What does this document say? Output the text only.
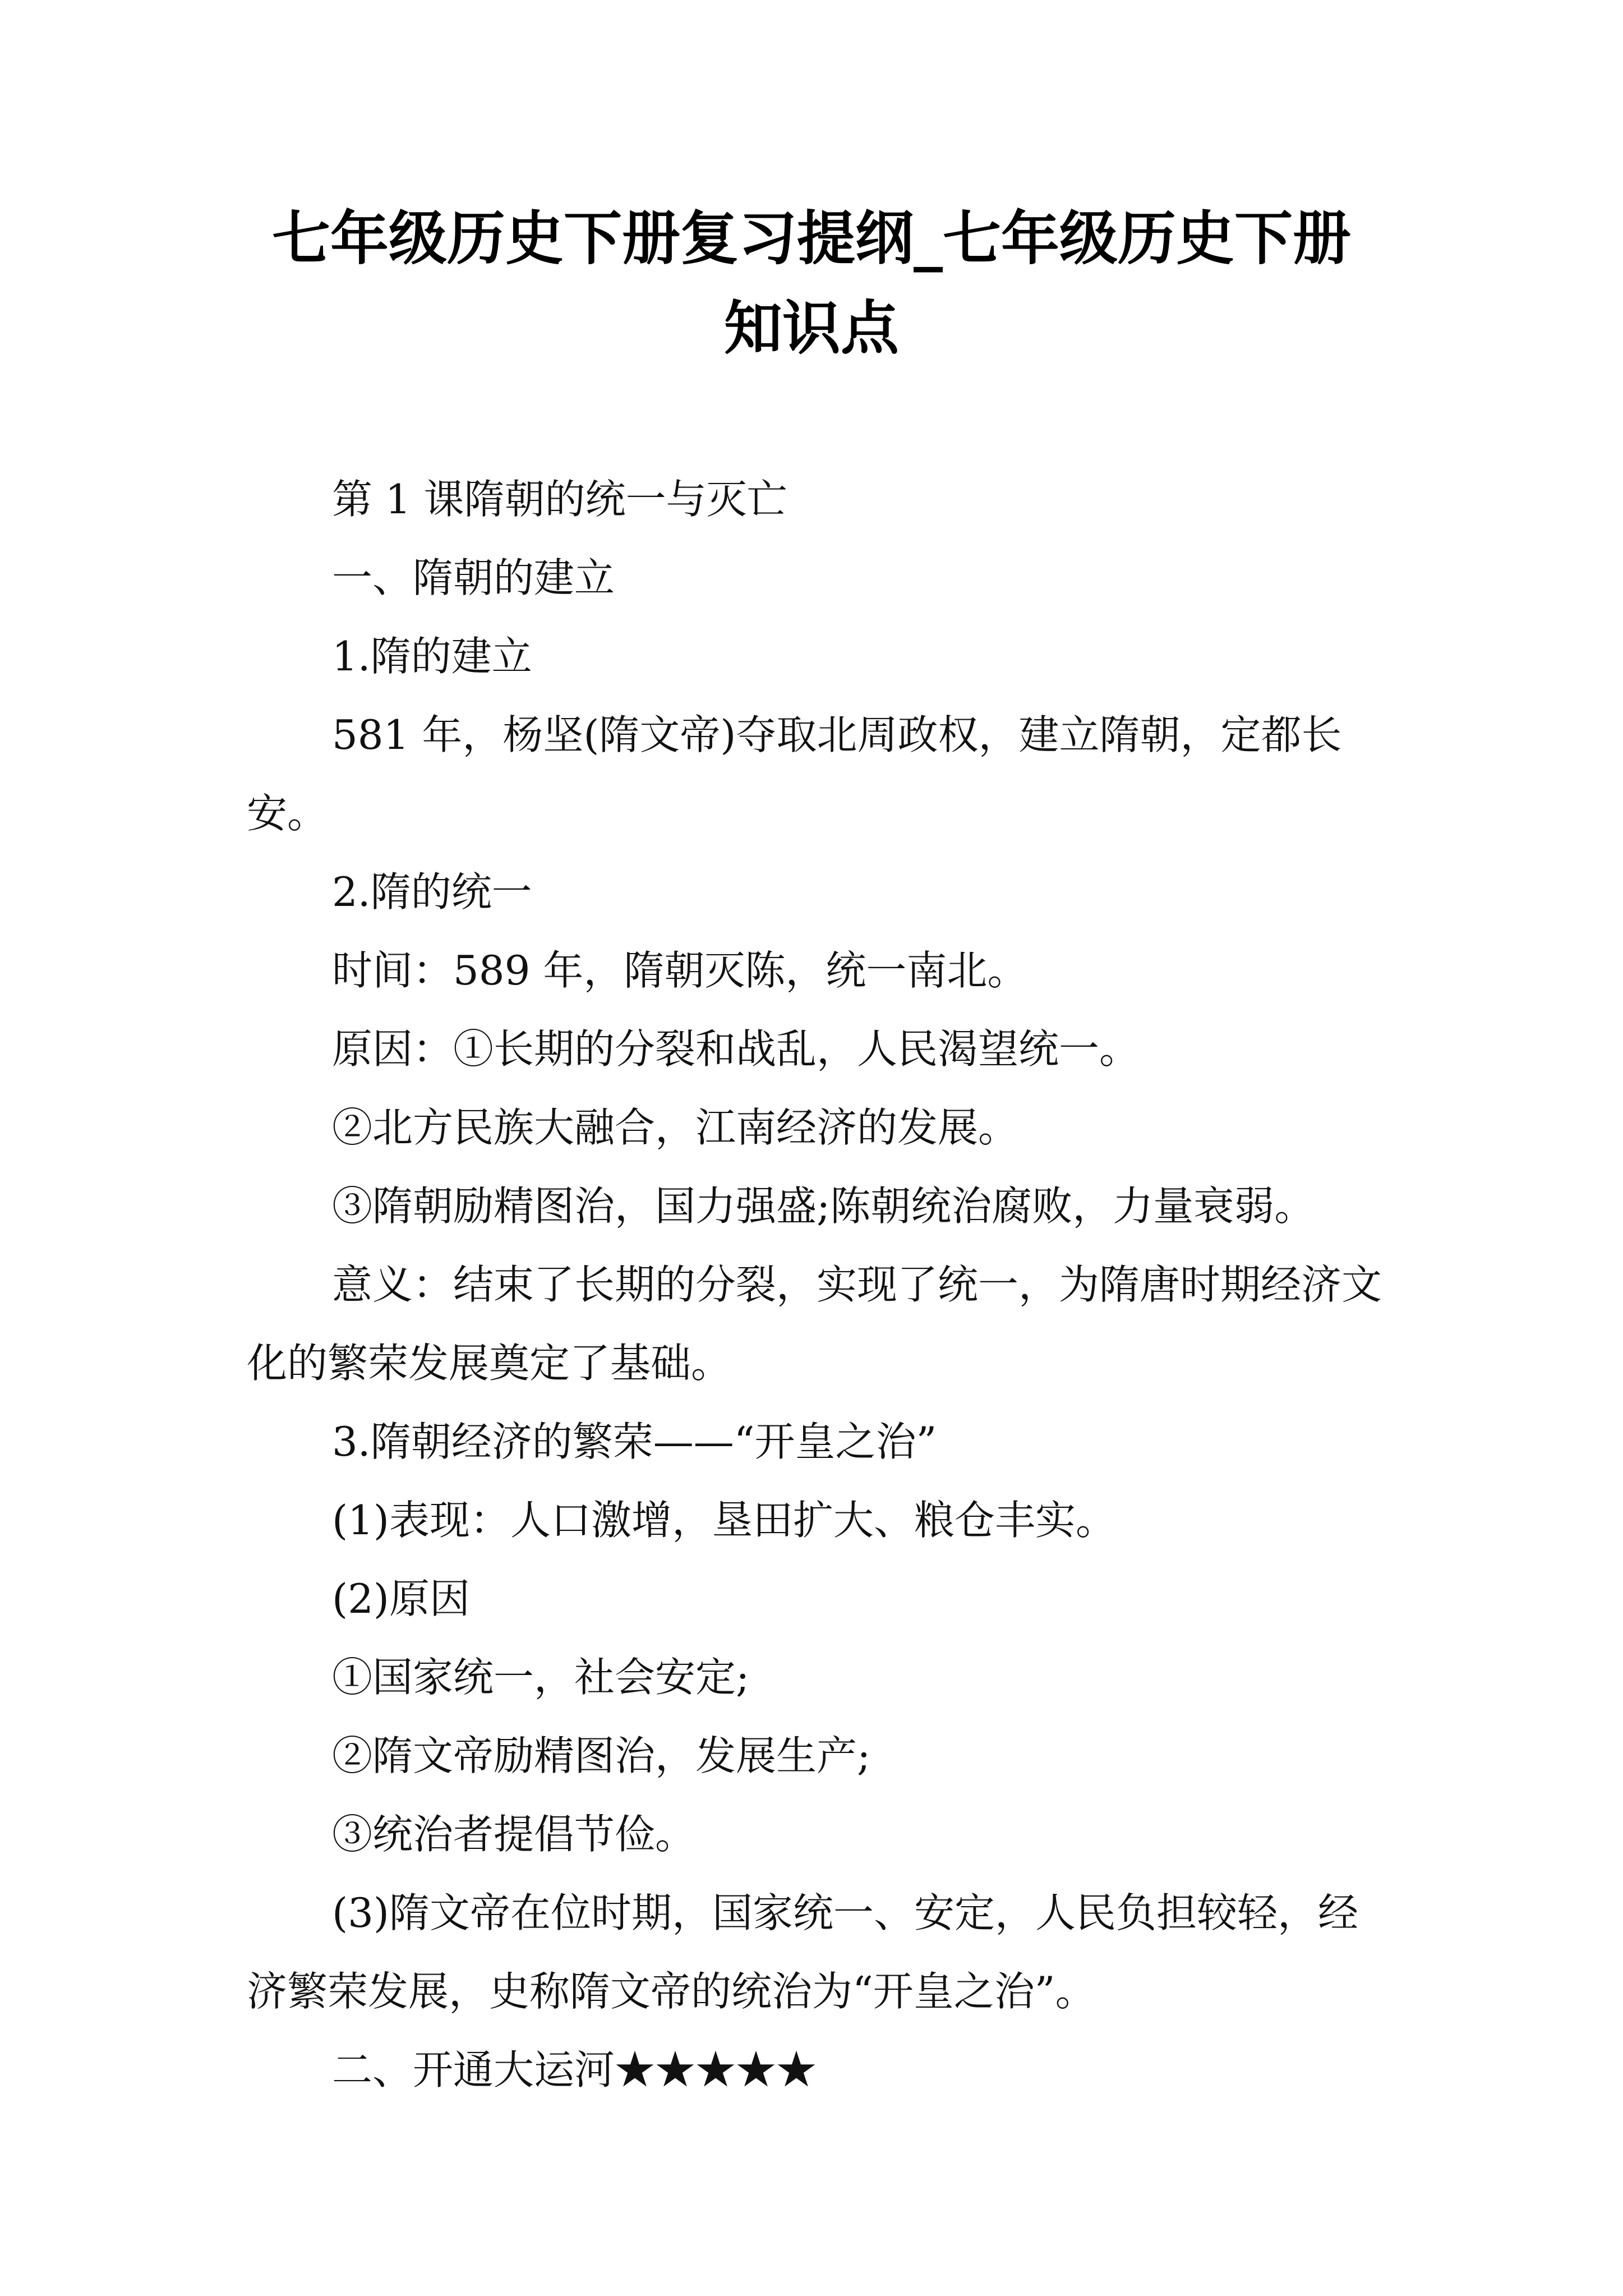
七年级历史下册复习提纲_七年级历史下册
知识点

第 1 课隋朝的统一与灭亡

一、隋朝的建立

1.隋的建立

581 年，杨坚(隋文帝)夺取北周政权，建立隋朝，定都长安。

2.隋的统一

时间：589 年，隋朝灭陈，统一南北。

原因：①长期的分裂和战乱，人民渴望统一。

②北方民族大融合，江南经济的发展。

③隋朝励精图治，国力强盛;陈朝统治腐败，力量衰弱。

意义：结束了长期的分裂，实现了统一，为隋唐时期经济文化的繁荣发展奠定了基础。

3.隋朝经济的繁荣——“开皇之治”

(1)表现：人口激增，垦田扩大、粮仓丰实。

(2)原因

①国家统一，社会安定;

②隋文帝励精图治，发展生产;

③统治者提倡节俭。

(3)隋文帝在位时期，国家统一、安定，人民负担较轻，经济繁荣发展，史称隋文帝的统治为“开皇之治”。

二、开通大运河★★★★★
